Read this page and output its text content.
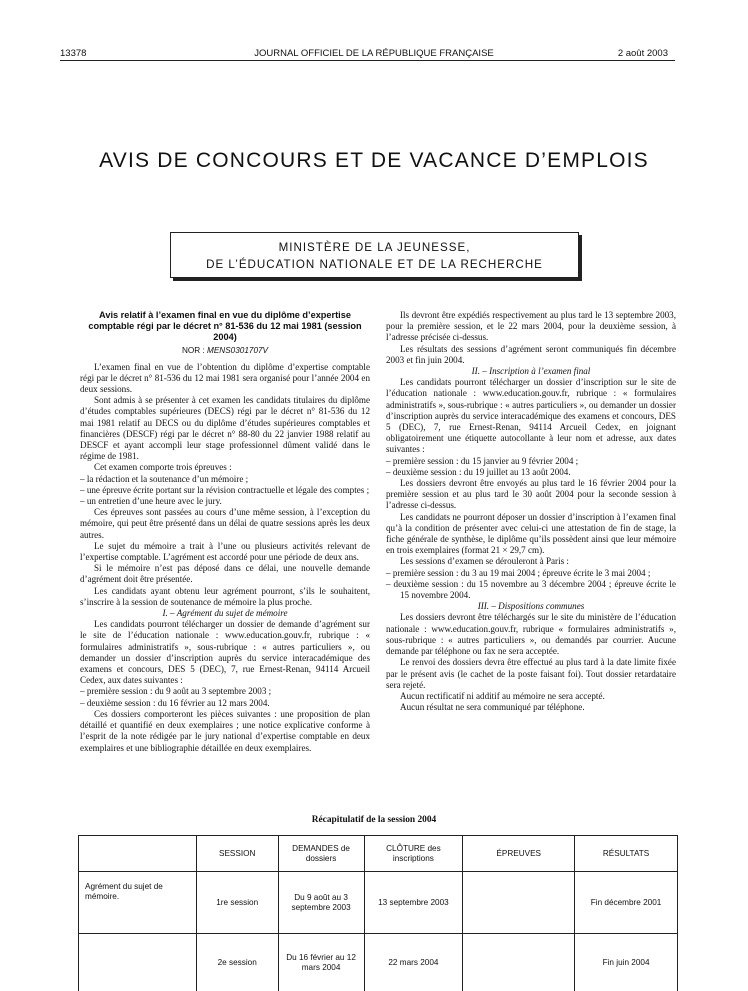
13378	JOURNAL OFFICIEL DE LA RÉPUBLIQUE FRANÇAISE	2 août 2003
AVIS DE CONCOURS ET DE VACANCE D’EMPLOIS
MINISTÈRE DE LA JEUNESSE,
DE L’ÉDUCATION NATIONALE ET DE LA RECHERCHE
Avis relatif à l’examen final en vue du diplôme d’expertise comptable régi par le décret n° 81-536 du 12 mai 1981 (session 2004)
NOR : MENS0301707V

L’examen final en vue de l’obtention du diplôme d’expertise comptable régi par le décret n° 81-536 du 12 mai 1981 sera organisé pour l’année 2004 en deux sessions.

Sont admis à se présenter à cet examen les candidats titulaires du diplôme d’études comptables supérieures (DECS) régi par le décret n° 81-536 du 12 mai 1981 relatif au DECS ou du diplôme d’études supérieures comptables et financières (DESCF) régi par le décret n° 88-80 du 22 janvier 1988 relatif au DESCF et ayant accompli leur stage professionnel dûment validé dans le régime de 1981.

Cet examen comporte trois épreuves :

– la rédaction et la soutenance d’un mémoire ;
– une épreuve écrite portant sur la révision contractuelle et légale des comptes ;
– un entretien d’une heure avec le jury.

Ces épreuves sont passées au cours d’une même session, à l’exception du mémoire, qui peut être présenté dans un délai de quatre sessions après les deux autres.

Le sujet du mémoire a trait à l’une ou plusieurs activités relevant de l’expertise comptable. L’agrément est accordé pour une période de deux ans.

Si le mémoire n’est pas déposé dans ce délai, une nouvelle demande d’agrément doit être présentée.

Les candidats ayant obtenu leur agrément pourront, s’ils le souhaitent, s’inscrire à la session de soutenance de mémoire la plus proche.

I. – Agrément du sujet de mémoire

Les candidats pourront télécharger un dossier de demande d’agrément sur le site de l’éducation nationale : www.education.gouv.fr, rubrique : « formulaires administratifs », sous-rubrique : « autres particuliers », ou demander un dossier d’inscription auprès du service interacadémique des examens et concours, DES 5 (DEC), 7, rue Ernest-Renan, 94114 Arcueil Cedex, aux dates suivantes :

– première session : du 9 août au 3 septembre 2003 ;
– deuxième session : du 16 février au 12 mars 2004.

Ces dossiers comporteront les pièces suivantes : une proposition de plan détaillé et quantifié en deux exemplaires ; une notice explicative conforme à l’esprit de la note rédigée par le jury national d’expertise comptable en deux exemplaires et une bibliographie détaillée en deux exemplaires.

Ils devront être expédiés respectivement au plus tard le 13 septembre 2003, pour la première session, et le 22 mars 2004, pour la deuxième session, à l’adresse précisée ci-dessus.

Les résultats des sessions d’agrément seront communiqués fin décembre 2003 et fin juin 2004.

II. – Inscription à l’examen final

Les candidats pourront télécharger un dossier d’inscription sur le site de l’éducation nationale : www.education.gouv.fr, rubrique : « formulaires administratifs », sous-rubrique : « autres particuliers », ou demander un dossier d’inscription auprès du service interacadémique des examens et concours, DES 5 (DEC), 7, rue Ernest-Renan, 94114 Arcueil Cedex, en joignant obligatoirement une étiquette autocollante à leur nom et adresse, aux dates suivantes :

– première session : du 15 janvier au 9 février 2004 ;
– deuxième session : du 19 juillet au 13 août 2004.

Les dossiers devront être envoyés au plus tard le 16 février 2004 pour la première session et au plus tard le 30 août 2004 pour la seconde session à l’adresse ci-dessus.

Les candidats ne pourront déposer un dossier d’inscription à l’examen final qu’à la condition de présenter avec celui-ci une attestation de fin de stage, la fiche générale de synthèse, le diplôme qu’ils possèdent ainsi que leur mémoire en trois exemplaires (format 21 × 29,7 cm).

Les sessions d’examen se dérouleront à Paris :

– première session : du 3 au 19 mai 2004 ; épreuve écrite le 3 mai 2004 ;
– deuxième session : du 15 novembre au 3 décembre 2004 ; épreuve écrite le 15 novembre 2004.

III. – Dispositions communes

Les dossiers devront être téléchargés sur le site du ministère de l’éducation nationale : www.education.gouv.fr, rubrique « formulaires administratifs », sous-rubrique : « autres particuliers », ou demandés par courrier. Aucune demande par téléphone ou fax ne sera acceptée.

Le renvoi des dossiers devra être effectué au plus tard à la date limite fixée par le présent avis (le cachet de la poste faisant foi). Tout dossier retardataire sera rejeté.

Aucun rectificatif ni additif au mémoire ne sera accepté.

Aucun résultat ne sera communiqué par téléphone.

Récapitulatif de la session 2004
	SESSION	DEMANDES de dossiers	CLÔTURE des inscriptions	ÉPREUVES	RÉSULTATS
Agrément du sujet de mémoire.	1re session	Du 9 août au 3 septembre 2003	13 septembre 2003		Fin décembre 2001
	2e session	Du 16 février au 12 mars 2004	22 mars 2004		Fin juin 2004
